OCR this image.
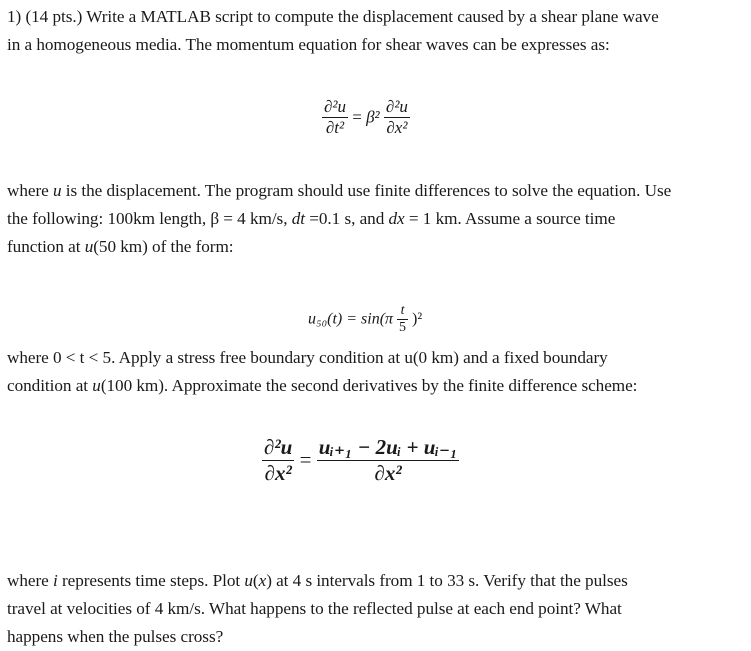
1) (14 pts.) Write a MATLAB script to compute the displacement caused by a shear plane wave
in a homogeneous media. The momentum equation for shear waves can be expresses as:
$\frac{\text{∂²u}}{\text{∂t²}} = \beta^2 \frac{\text{∂²u}}{\text{∂x²}}$
where u is the displacement. The program should use finite differences to solve the equation. Use
the following: 100km length, β = 4 km/s, dt =0.1 s, and dx = 1 km. Assume a source time
function at u(50 km) of the form:
$u_{50}(t) = \sin(\pi \frac{t}{5} )^2$
where 0 < t < 5. Apply a stress free boundary condition at u(0 km) and a fixed boundary
condition at u(100 km). Approximate the second derivatives by the finite difference scheme:
$\frac{\text{∂²u}}{\text{∂x²}} = \frac{\text{uᵢ₊₁ − 2uᵢ + uᵢ₋₁}}{\text{∂x²}}$
where i represents time steps. Plot u(x) at 4 s intervals from 1 to 33 s. Verify that the pulses
travel at velocities of 4 km/s. What happens to the reflected pulse at each end point? What
happens when the pulses cross?
